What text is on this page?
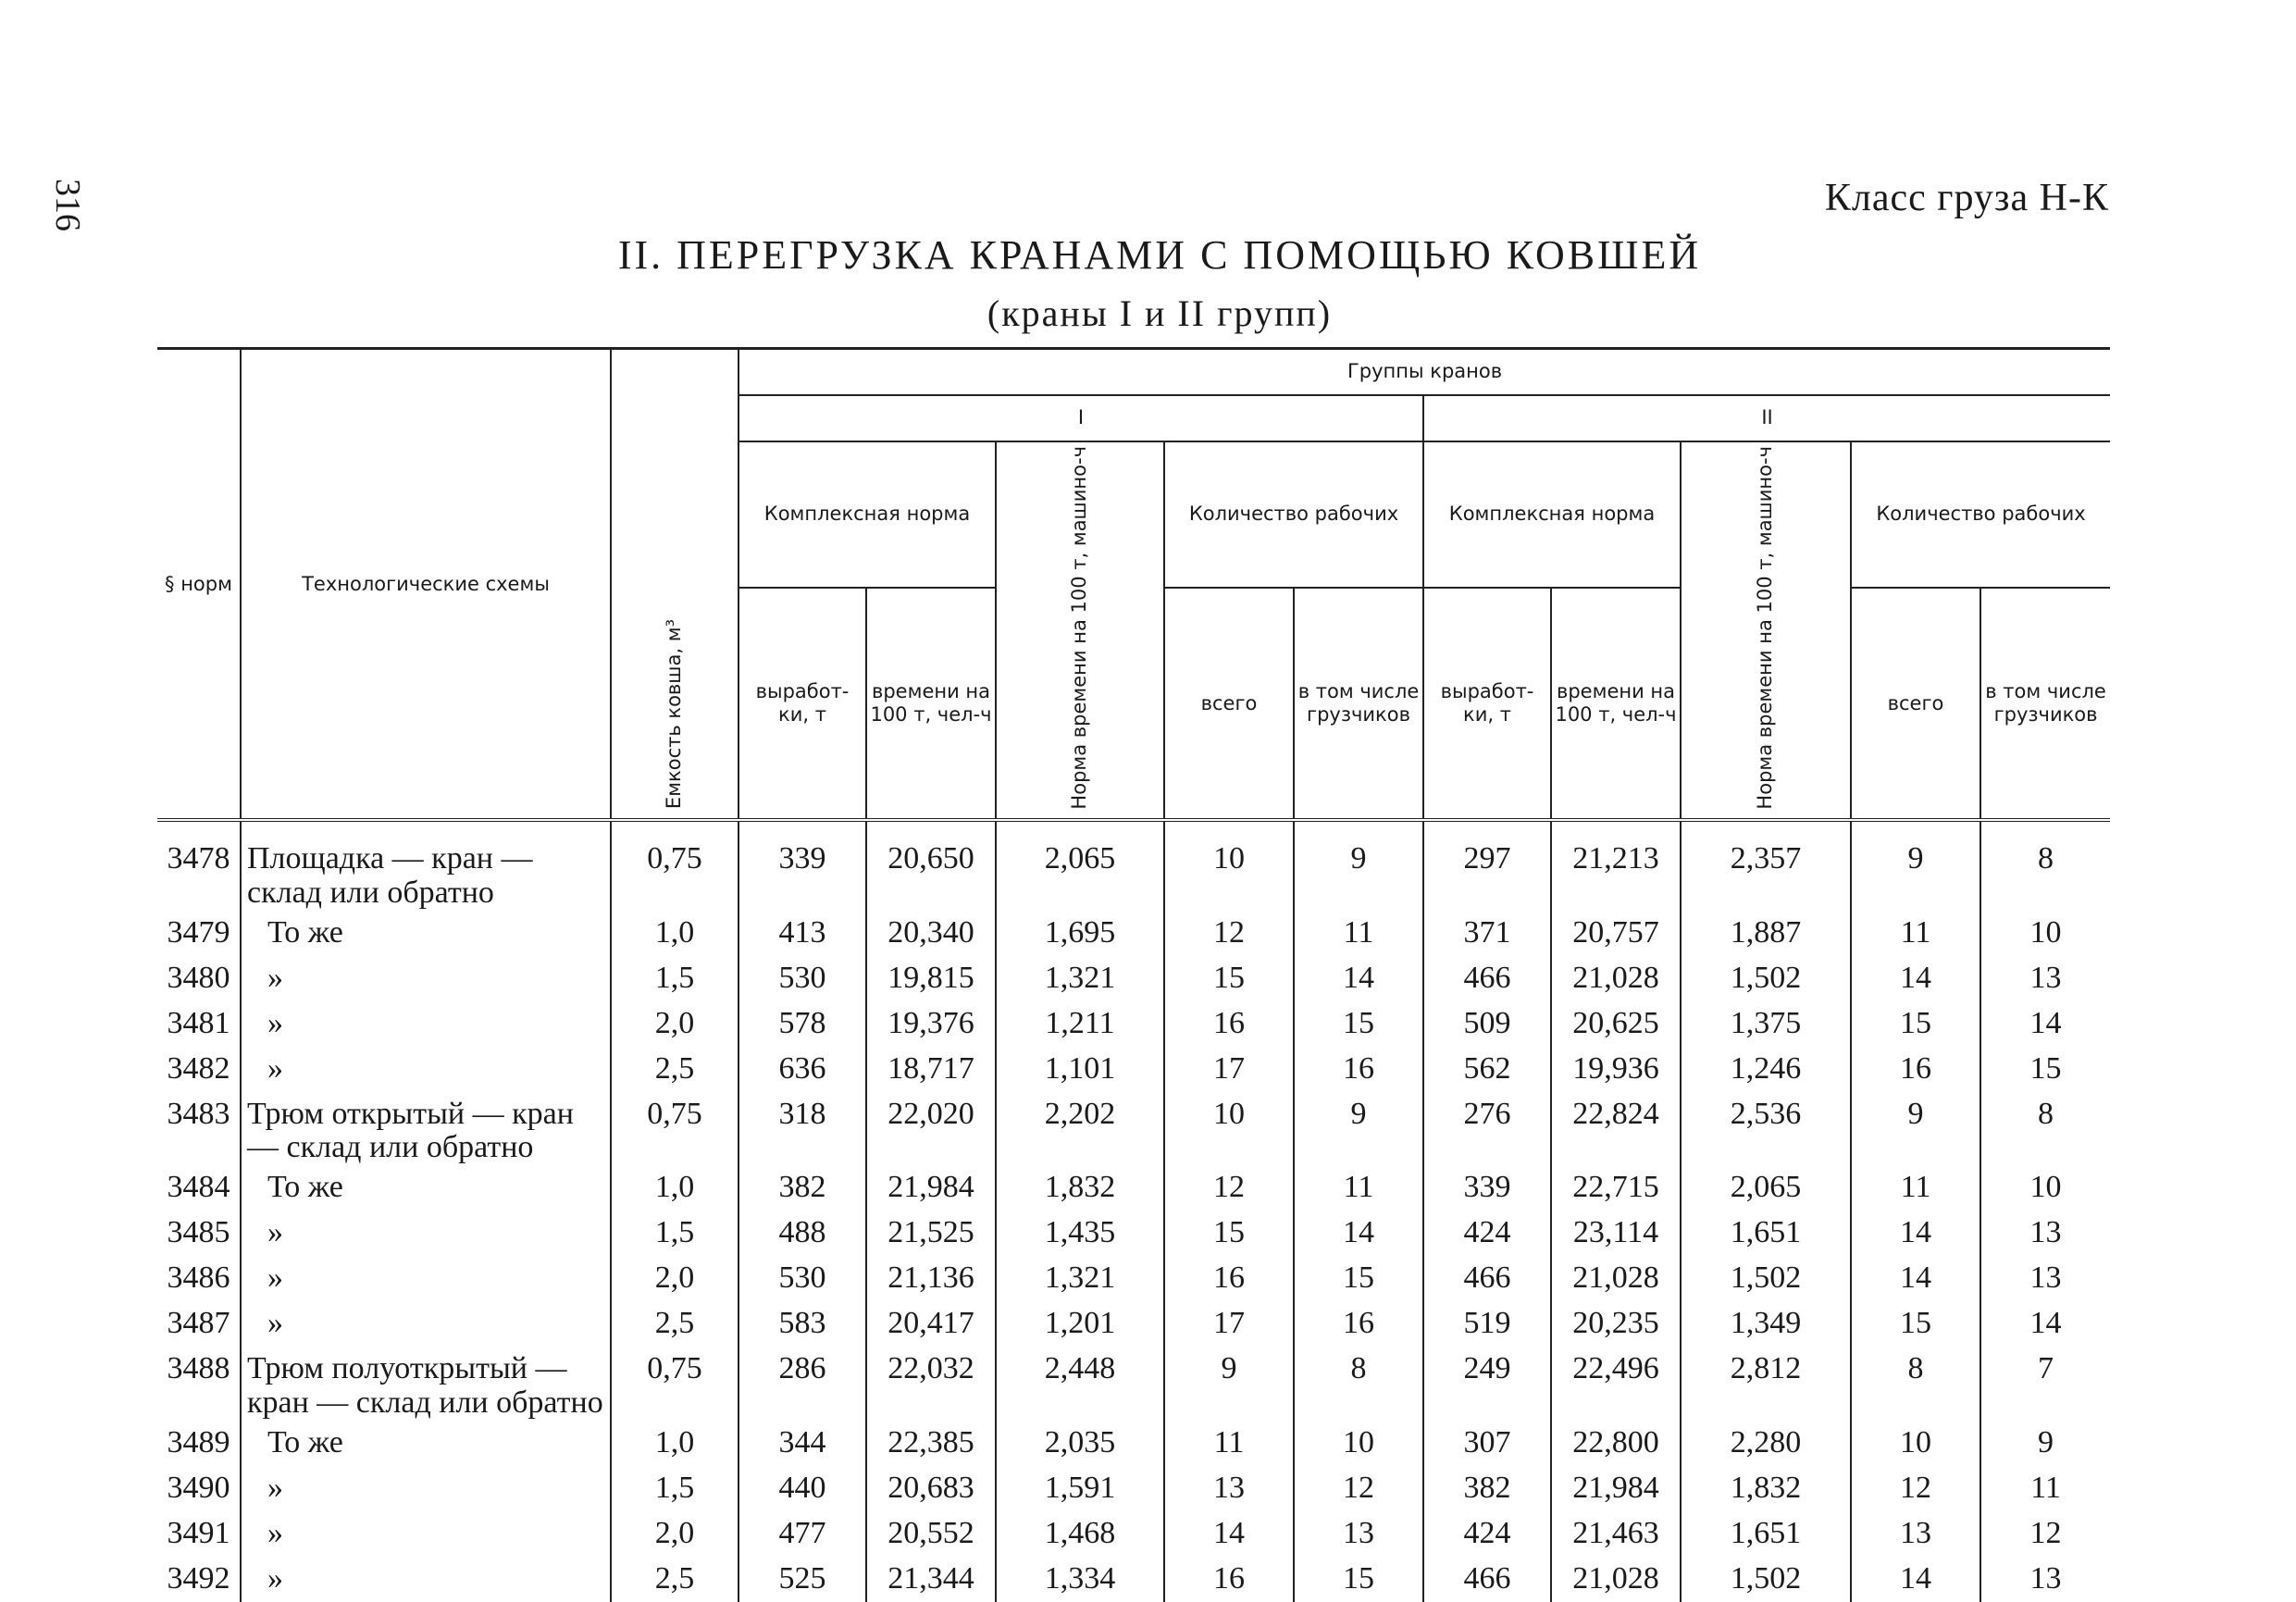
316	Класс груза Н-К
II. ПЕРЕГРУЗКА КРАНАМИ С ПОМОЩЬЮ КОВШЕЙ
(краны I и II групп)
§ норм	Технологические схемы	Емкость ковша, м³	Группы кранов									
			I					II				
			Комплексная норма		Норма времени на 100 т, машино-ч	Количество рабочих		Комплексная норма		Норма времени на 100 т, машино-ч	Количество рабочих	
			выработ-ки, т	времени на 100 т, чел-ч		всего	в том числе грузчиков	выработ-ки, т	времени на 100 т, чел-ч		всего	в том числе грузчиков
3478	Площадка — кран — склад или обратно	0,75	339	20,650	2,065	10	9	297	21,213	2,357	9	8
3479	То же	1,0	413	20,340	1,695	12	11	371	20,757	1,887	11	10
3480	»	1,5	530	19,815	1,321	15	14	466	21,028	1,502	14	13
3481	»	2,0	578	19,376	1,211	16	15	509	20,625	1,375	15	14
3482	»	2,5	636	18,717	1,101	17	16	562	19,936	1,246	16	15
3483	Трюм открытый — кран — склад или обратно	0,75	318	22,020	2,202	10	9	276	22,824	2,536	9	8
3484	То же	1,0	382	21,984	1,832	12	11	339	22,715	2,065	11	10
3485	»	1,5	488	21,525	1,435	15	14	424	23,114	1,651	14	13
3486	»	2,0	530	21,136	1,321	16	15	466	21,028	1,502	14	13
3487	»	2,5	583	20,417	1,201	17	16	519	20,235	1,349	15	14
3488	Трюм полуоткрытый — кран — склад или обратно	0,75	286	22,032	2,448	9	8	249	22,496	2,812	8	7
3489	То же	1,0	344	22,385	2,035	11	10	307	22,800	2,280	10	9
3490	»	1,5	440	20,683	1,591	13	12	382	21,984	1,832	12	11
3491	»	2,0	477	20,552	1,468	14	13	424	21,463	1,651	13	12
3492	»	2,5	525	21,344	1,334	16	15	466	21,028	1,502	14	13
